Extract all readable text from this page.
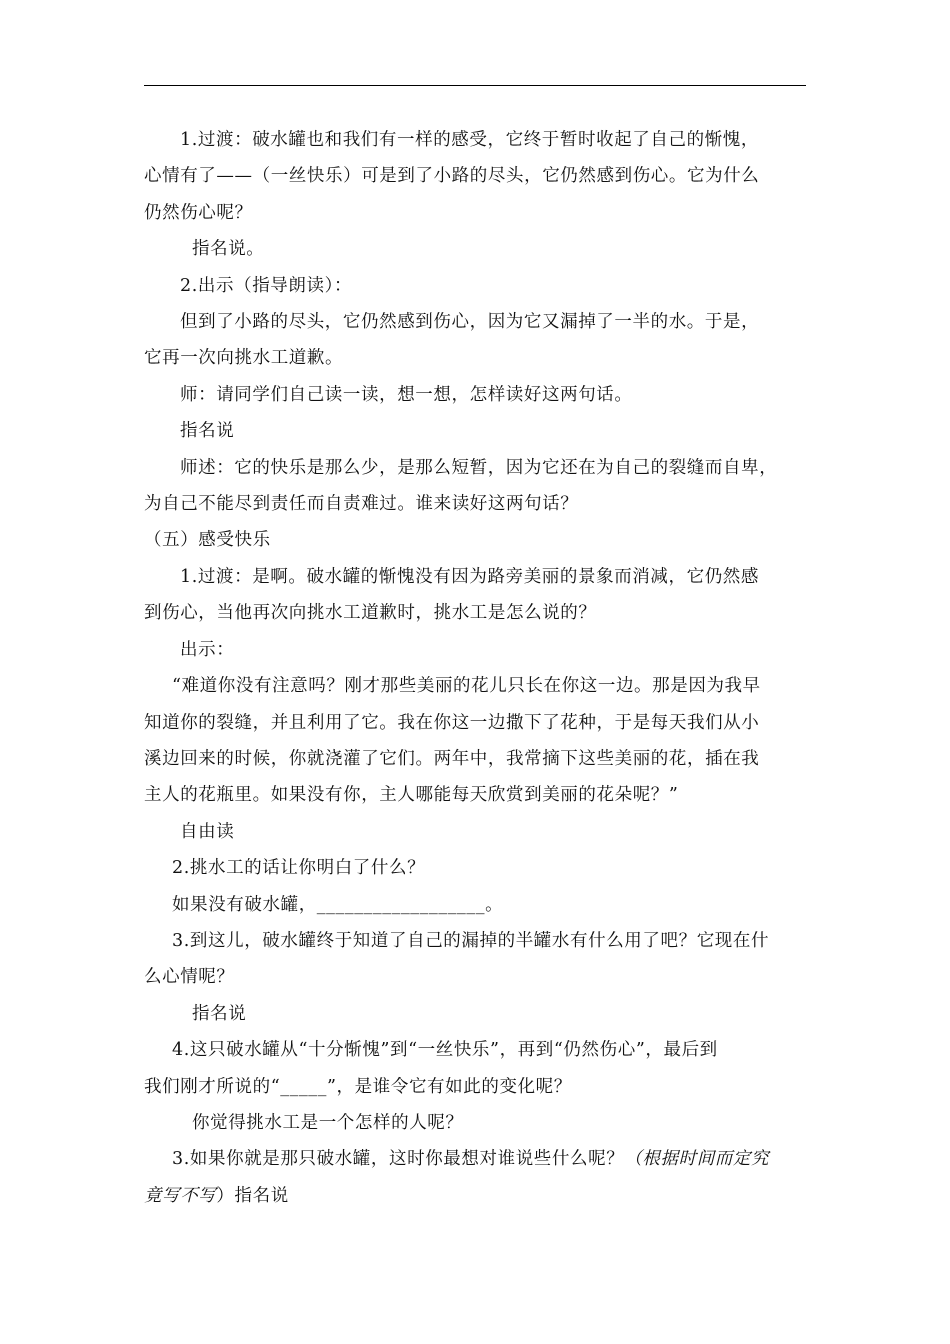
1.过渡：破水罐也和我们有一样的感受，它终于暂时收起了自己的惭愧，
心情有了——（一丝快乐）可是到了小路的尽头，它仍然感到伤心。它为什么
仍然伤心呢？

指名说。

2.出示（指导朗读）：

但到了小路的尽头，它仍然感到伤心，因为它又漏掉了一半的水。于是，
它再一次向挑水工道歉。

师：请同学们自己读一读，想一想，怎样读好这两句话。

指名说

师述：它的快乐是那么少，是那么短暂，因为它还在为自己的裂缝而自卑，
为自己不能尽到责任而自责难过。谁来读好这两句话？

（五）感受快乐

1.过渡：是啊。破水罐的惭愧没有因为路旁美丽的景象而消减，它仍然感
到伤心，当他再次向挑水工道歉时，挑水工是怎么说的？

出示：

“难道你没有注意吗？刚才那些美丽的花儿只长在你这一边。那是因为我早
知道你的裂缝，并且利用了它。我在你这一边撒下了花种，于是每天我们从小
溪边回来的时候，你就浇灌了它们。两年中，我常摘下这些美丽的花，插在我
主人的花瓶里。如果没有你，主人哪能每天欣赏到美丽的花朵呢？”

自由读

2.挑水工的话让你明白了什么？

如果没有破水罐，__________________。

3.到这儿，破水罐终于知道了自己的漏掉的半罐水有什么用了吧？它现在什
么心情呢？

指名说

4.这只破水罐从“十分惭愧”到“一丝快乐”，再到“仍然伤心”，最后到
我们刚才所说的“_____”，是谁令它有如此的变化呢？

你觉得挑水工是一个怎样的人呢？

3.如果你就是那只破水罐，这时你最想对谁说些什么呢？（根据时间而定究
竟写不写）指名说
